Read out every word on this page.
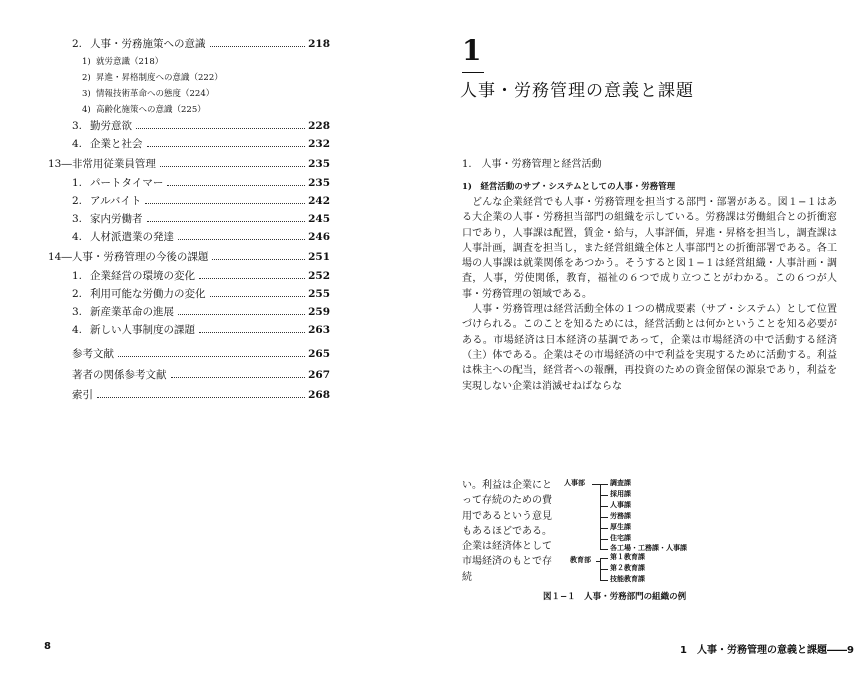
2. 人事・労務施策への意識	218
1) 就労意識（218）
2) 昇進・昇格制度への意識（222）
3) 情報技術革命への態度（224）
4) 高齢化施策への意識（225）
3. 勤労意欲	228
4. 企業と社会	232
13―非常用従業員管理	235
1. パートタイマー	235
2. アルバイト	242
3. 家内労働者	245
4. 人材派遣業の発達	246
14―人事・労務管理の今後の課題	251
1. 企業経営の環境の変化	252
2. 利用可能な労働力の変化	255
3. 新産業革命の進展	259
4. 新しい人事制度の課題	263
参考文献	265
著者の関係参考文献	267
索引	268
8
1
人事・労務管理の意義と課題
1.　人事・労務管理と経営活動
1)　経営活動のサブ・システムとしての人事・労務管理

どんな企業経営でも人事・労務管理を担当する部門・部署がある。図１−１はある大企業の人事・労務担当部門の組織を示している。労務課は労働組合との折衝窓口であり，人事課は配置，賃金・給与，人事評価，昇進・昇格を担当し，調査課は人事計画，調査を担当し，また経営組織全体と人事部門との折衝部署である。各工場の人事課は就業関係をあつかう。そうすると図１−１は経営組織・人事計画・調査，人事，労使関係，教育，福祉の６つで成り立つことがわかる。この６つが人事・労務管理の領域である。

人事・労務管理は経営活動全体の１つの構成要素（サブ・システム）として位置づけられる。このことを知るためには，経営活動とは何かということを知る必要がある。市場経済は日本経済の基調であって，企業は市場経済の中で活動する経済（主）体である。企業はその市場経済の中で利益を実現するために活動する。利益は株主への配当，経営者への報酬，再投資のための資金留保の源泉であり，利益を実現しない企業は消滅せねばならな

い。利益は企業にとって存続のための費用であるという意見もあるほどである。企業は経済体として市場経済のもとで存続
人事部	調査課
採用課
人事課
労務課
厚生課
住宅課
各工場・工務課・人事課
教育部	第１教育課
第２教育課
技能教育課
図１−１　人事・労務部門の組織の例
1　人事・労務管理の意義と課題――9
